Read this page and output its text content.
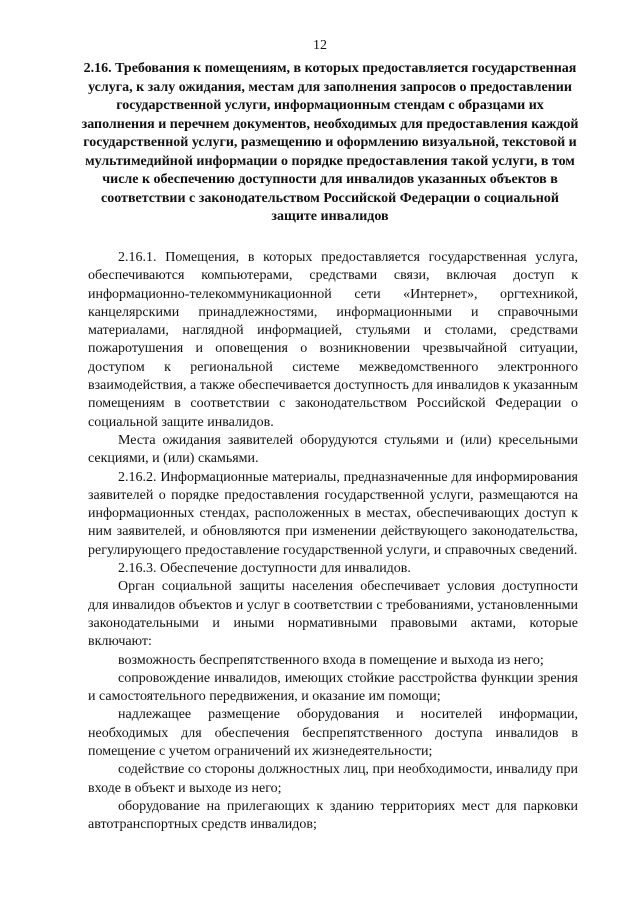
12
2.16. Требования к помещениям, в которых предоставляется государственная услуга, к залу ожидания, местам для заполнения запросов о предоставлении государственной услуги, информационным стендам с образцами их заполнения и перечнем документов, необходимых для предоставления каждой государственной услуги, размещению и оформлению визуальной, текстовой и мультимедийной информации о порядке предоставления такой услуги, в том числе к обеспечению доступности для инвалидов указанных объектов в соответствии с законодательством Российской Федерации о социальной защите инвалидов

2.16.1. Помещения, в которых предоставляется государственная услуга, обеспечиваются компьютерами, средствами связи, включая доступ к информационно-телекоммуникационной сети «Интернет», оргтехникой, канцелярскими принадлежностями, информационными и справочными материалами, наглядной информацией, стульями и столами, средствами пожаротушения и оповещения о возникновении чрезвычайной ситуации, доступом к региональной системе межведомственного электронного взаимодействия, а также обеспечивается доступность для инвалидов к указанным помещениям в соответствии с законодательством Российской Федерации о социальной защите инвалидов.

Места ожидания заявителей оборудуются стульями и (или) кресельными секциями, и (или) скамьями.

2.16.2. Информационные материалы, предназначенные для информирования заявителей о порядке предоставления государственной услуги, размещаются на информационных стендах, расположенных в местах, обеспечивающих доступ к ним заявителей, и обновляются при изменении действующего законодательства, регулирующего предоставление государственной услуги, и справочных сведений.

2.16.3. Обеспечение доступности для инвалидов.

Орган социальной защиты населения обеспечивает условия доступности для инвалидов объектов и услуг в соответствии с требованиями, установленными законодательными и иными нормативными правовыми актами, которые включают:

возможность беспрепятственного входа в помещение и выхода из него;

сопровождение инвалидов, имеющих стойкие расстройства функции зрения и самостоятельного передвижения, и оказание им помощи;

надлежащее размещение оборудования и носителей информации, необходимых для обеспечения беспрепятственного доступа инвалидов в помещение с учетом ограничений их жизнедеятельности;

содействие со стороны должностных лиц, при необходимости, инвалиду при входе в объект и выходе из него;

оборудование на прилегающих к зданию территориях мест для парковки автотранспортных средств инвалидов;
